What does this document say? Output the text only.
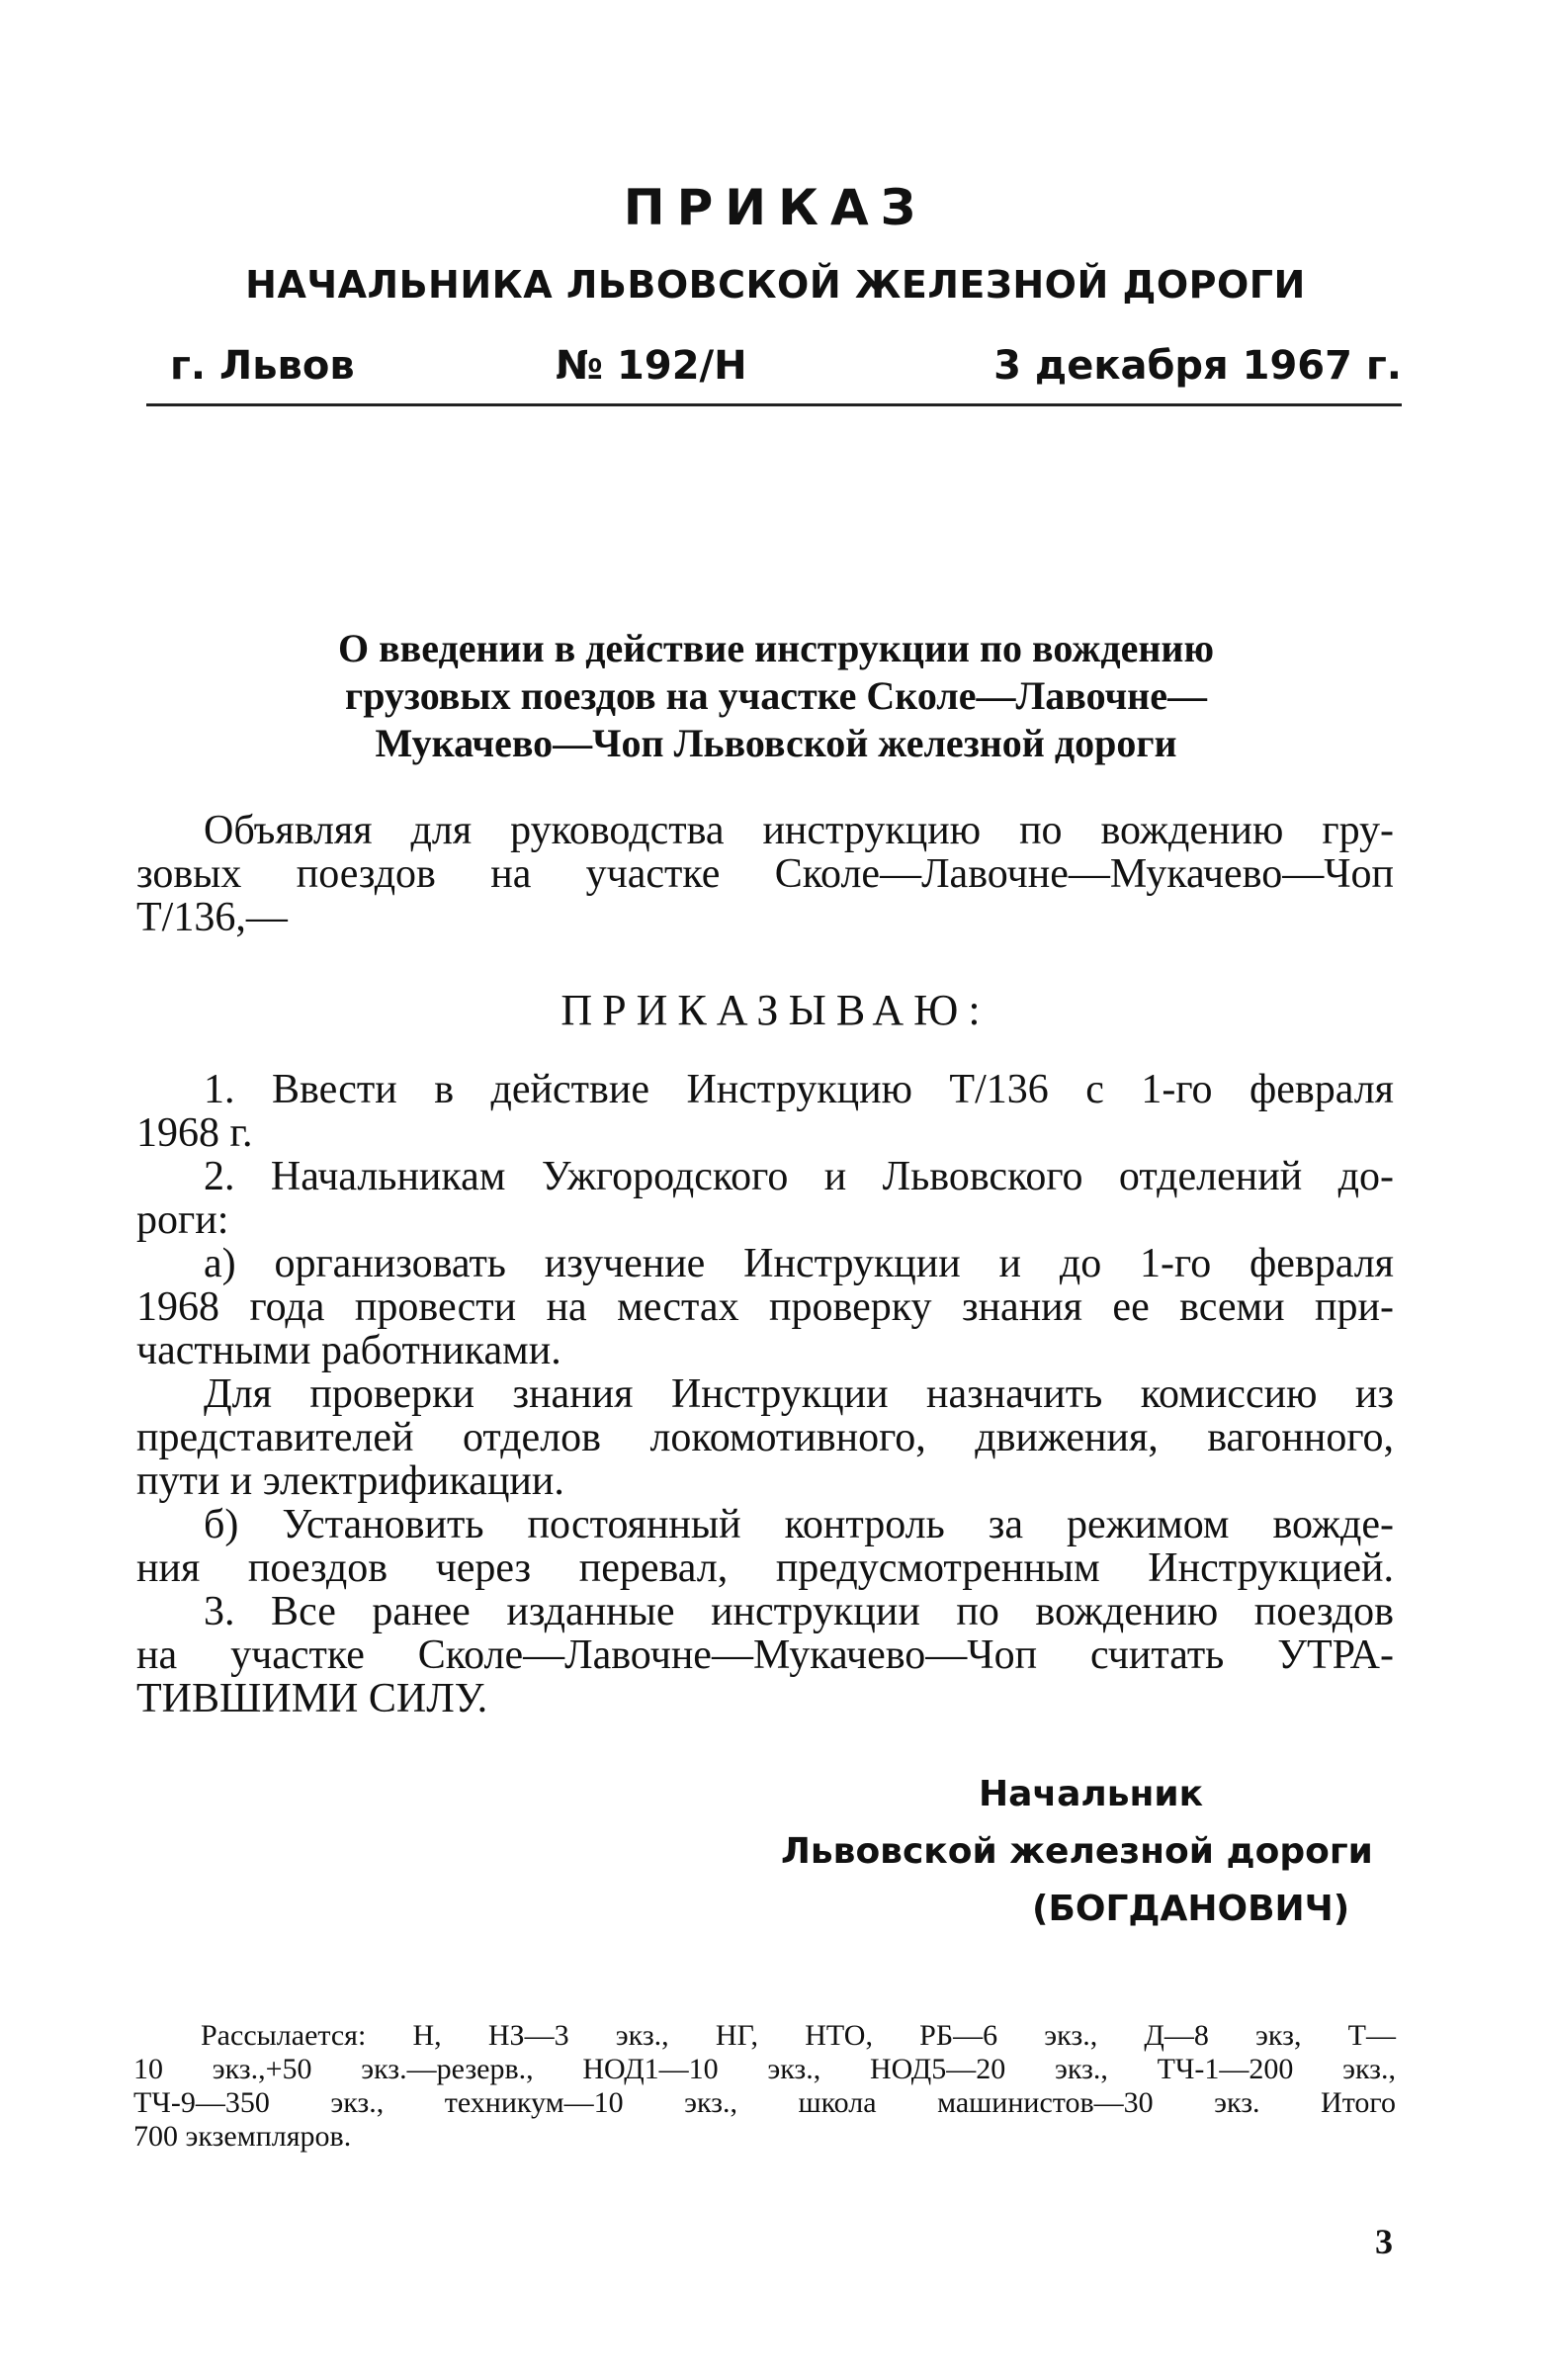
ПРИКАЗ
НАЧАЛЬНИКА ЛЬВОВСКОЙ ЖЕЛЕЗНОЙ ДОРОГИ
г. Львов	№ 192/Н	3 декабря 1967 г.
О введении в действие инструкции по вождению
грузовых поездов на участке Сколе—Лавочне—
Мукачево—Чоп Львовской железной дороги
Объявляя для руководства инструкцию по вождению гру-
зовых поездов на участке Сколе—Лавочне—Мукачево—Чоп
Т/136,—
ПРИКАЗЫВАЮ:
1. Ввести в действие Инструкцию Т/136 с 1-го февраля
1968 г.
2. Начальникам Ужгородского и Львовского отделений до-
роги:
а) организовать изучение Инструкции и до 1-го февраля
1968 года провести на местах проверку знания ее всеми при-
частными работниками.
Для проверки знания Инструкции назначить комиссию из
представителей отделов локомотивного, движения, вагонного,
пути и электрификации.
б) Установить постоянный контроль за режимом вожде-
ния поездов через перевал, предусмотренным Инструкцией.
3. Все ранее изданные инструкции по вождению поездов
на участке Сколе—Лавочне—Мукачево—Чоп считать УТРА-
ТИВШИМИ СИЛУ.
Начальник
Львовской железной дороги
(БОГДАНОВИЧ)
Рассылается: Н, НЗ—3 экз., НГ, НТО, РБ—6 экз., Д—8 экз, Т—
10 экз.,+50 экз.—резерв., НОД1—10 экз., НОД5—20 экз., ТЧ-1—200 экз.,
ТЧ-9—350 экз., техникум—10 экз., школа машинистов—30 экз. Итого
700 экземпляров.
3
